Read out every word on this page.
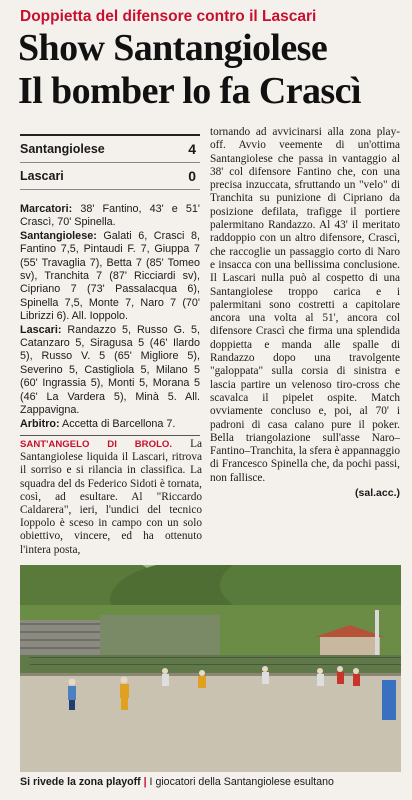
Doppietta del difensore contro il Lascari
Show Santangiolese
Il bomber lo fa Crascì
Santangiolese	4
Lascari	0

Marcatori: 38' Fantino, 43' e 51' Crascì, 70' Spinella.

Santangiolese: Galati 6, Crasci 8, Fantino 7,5, Pintaudi F. 7, Giuppa 7 (55' Travaglia 7), Betta 7 (85' Tomeo sv), Tranchita 7 (87' Ricciardi sv), Cipriano 7 (73' Passalacqua 6), Spinella 7,5, Monte 7, Naro 7 (70' Librizzi 6). All. Ioppolo.

Lascari: Randazzo 5, Russo G. 5, Catanzaro 5, Siragusa 5 (46' Ilardo 5), Russo V. 5 (65' Migliore 5), Severino 5, Castigliola 5, Milano 5 (60' Ingrassia 5), Monti 5, Morana 5 (46' La Vardera 5), Minà 5. All. Zappavigna.

Arbitro: Accetta di Barcellona 7.

SANT'ANGELO DI BROLO. La Santangiolese liquida il Lascari, ritrova il sorriso e si rilancia in classifica. La squadra del ds Federico Sidoti è tornata, così, ad esultare. Al "Riccardo Caldarera", ieri, l'undici del tecnico Ioppolo è sceso in campo con un solo obiettivo, vincere, ed ha ottenuto l'intera posta,
tornando ad avvicinarsi alla zona play-off. Avvio veemente di un'ottima Santangiolese che passa in vantaggio al 38' col difensore Fantino che, con una precisa inzuccata, sfruttando un "velo" di Tranchita su punizione di Cipriano da posizione defilata, trafigge il portiere palermitano Randazzo. Al 43' il meritato raddoppio con un altro difensore, Crascì, che raccoglie un passaggio corto di Naro e insacca con una bellissima conclusione. Il Lascari nulla può al cospetto di una Santangiolese troppo carica e i palermitani sono costretti a capitolare ancora una volta al 51', ancora col difensore Crascì che firma una splendida doppietta e manda alle spalle di Randazzo dopo una travolgente "galoppata" sulla corsia di sinistra e lascia partire un velenoso tiro-cross che scavalca il pipelet ospite. Match ovviamente concluso e, poi, al 70' i padroni di casa calano pure il poker. Bella triangolazione sull'asse Naro–Fantino–Tranchita, la sfera è appannaggio di Francesco Spinella che, da pochi passi, non fallisce.
(sal.acc.)
Si rivede la zona playoff | I giocatori della Santangiolese esultano
